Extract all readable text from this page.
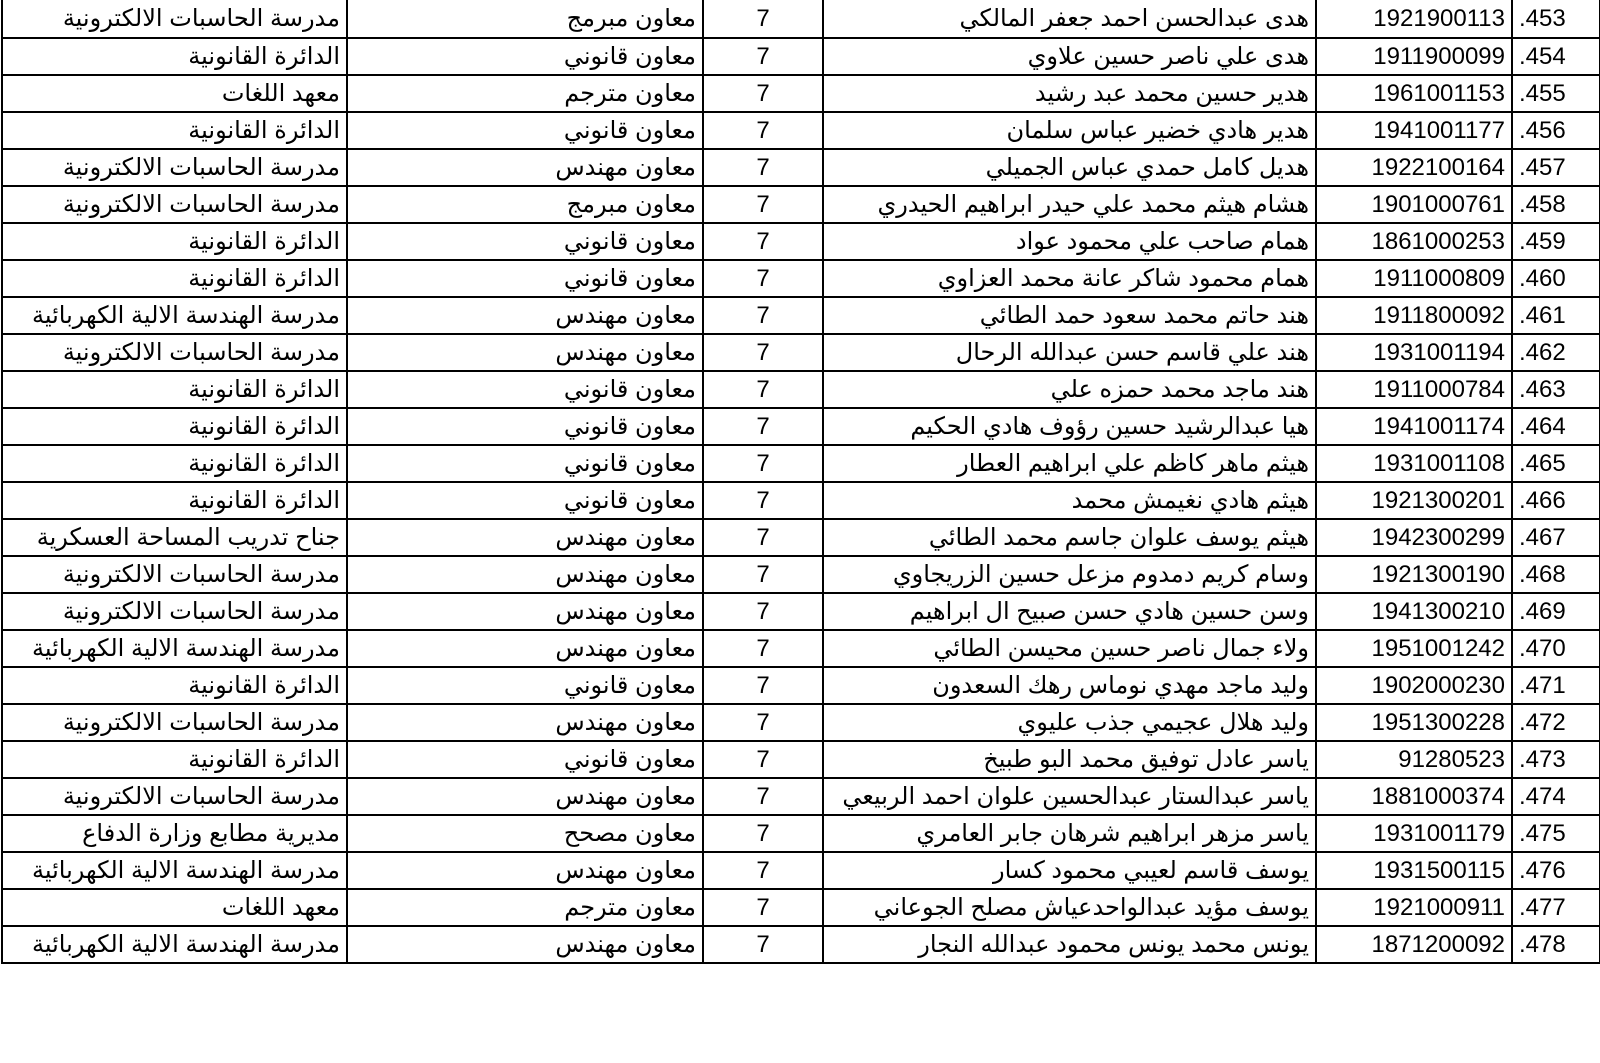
مدرسة الحاسبات الالكترونية	معاون مبرمج	7	هدى عبدالحسن احمد جعفر المالكي	1921900113	453.
الدائرة القانونية	معاون قانوني	7	هدى علي ناصر حسين علاوي	1911900099	454.
معهد اللغات	معاون مترجم	7	هدير حسين محمد عبد رشيد	1961001153	455.
الدائرة القانونية	معاون قانوني	7	هدير هادي خضير عباس سلمان	1941001177	456.
مدرسة الحاسبات الالكترونية	معاون مهندس	7	هديل كامل حمدي عباس الجميلي	1922100164	457.
مدرسة الحاسبات الالكترونية	معاون مبرمج	7	هشام هيثم محمد علي حيدر ابراهيم الحيدري	1901000761	458.
الدائرة القانونية	معاون قانوني	7	همام صاحب علي محمود عواد	1861000253	459.
الدائرة القانونية	معاون قانوني	7	همام محمود شاكر عانة محمد العزاوي	1911000809	460.
مدرسة الهندسة الالية الكهربائية	معاون مهندس	7	هند حاتم محمد سعود حمد الطائي	1911800092	461.
مدرسة الحاسبات الالكترونية	معاون مهندس	7	هند علي قاسم حسن عبدالله الرحال	1931001194	462.
الدائرة القانونية	معاون قانوني	7	هند ماجد محمد حمزه علي	1911000784	463.
الدائرة القانونية	معاون قانوني	7	هيا عبدالرشيد حسين رؤوف هادي الحكيم	1941001174	464.
الدائرة القانونية	معاون قانوني	7	هيثم ماهر كاظم علي ابراهيم العطار	1931001108	465.
الدائرة القانونية	معاون قانوني	7	هيثم هادي نغيمش محمد	1921300201	466.
جناح تدريب المساحة العسكرية	معاون مهندس	7	هيثم يوسف علوان جاسم محمد الطائي	1942300299	467.
مدرسة الحاسبات الالكترونية	معاون مهندس	7	وسام كريم دمدوم مزعل حسين الزريجاوي	1921300190	468.
مدرسة الحاسبات الالكترونية	معاون مهندس	7	وسن حسين هادي حسن صبيح ال ابراهيم	1941300210	469.
مدرسة الهندسة الالية الكهربائية	معاون مهندس	7	ولاء جمال ناصر حسين محيسن الطائي	1951001242	470.
الدائرة القانونية	معاون قانوني	7	وليد ماجد مهدي نوماس رهك السعدون	1902000230	471.
مدرسة الحاسبات الالكترونية	معاون مهندس	7	وليد هلال عجيمي جذب عليوي	1951300228	472.
الدائرة القانونية	معاون قانوني	7	ياسر عادل توفيق محمد البو طبيخ	91280523	473.
مدرسة الحاسبات الالكترونية	معاون مهندس	7	ياسر عبدالستار عبدالحسين علوان احمد الربيعي	1881000374	474.
مديرية مطابع وزارة الدفاع	معاون مصحح	7	ياسر مزهر ابراهيم شرهان جابر العامري	1931001179	475.
مدرسة الهندسة الالية الكهربائية	معاون مهندس	7	يوسف قاسم لعيبي محمود كسار	1931500115	476.
معهد اللغات	معاون مترجم	7	يوسف مؤيد عبدالواحدعياش مصلح الجوعاني	1921000911	477.
مدرسة الهندسة الالية الكهربائية	معاون مهندس	7	يونس محمد يونس محمود عبدالله النجار	1871200092	478.
